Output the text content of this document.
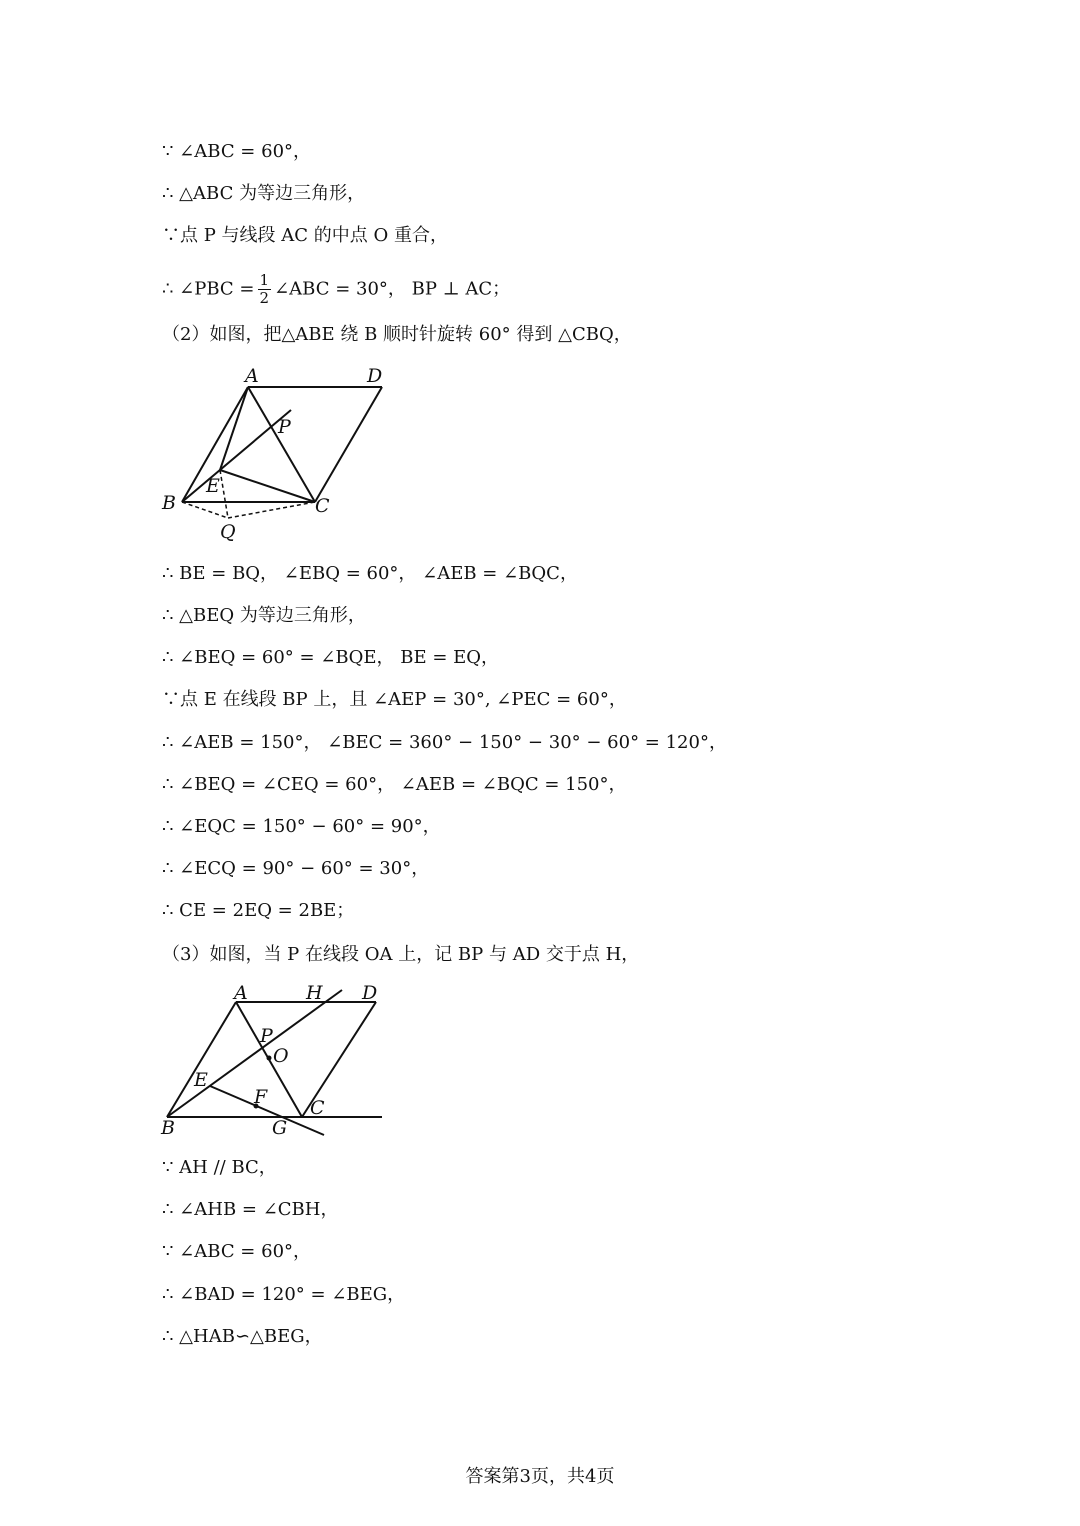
∵ ∠ABC = 60°，
∴ △ABC 为等边三角形，
∵点 P 与线段 AC 的中点 O 重合，
∴ ∠PBC = $\frac{1}{2}$ ∠ABC = 30°， BP ⊥ AC；
（2）如图，把△ABE 绕 B 顺时针旋转 60° 得到 △CBQ，
A	D
P
E
B	C
Q
∴ BE = BQ， ∠EBQ = 60°， ∠AEB = ∠BQC，
∴ △BEQ 为等边三角形，
∴ ∠BEQ = 60° = ∠BQE， BE = EQ，
∵点 E 在线段 BP 上，且 ∠AEP = 30°, ∠PEC = 60°，
∴ ∠AEB = 150°， ∠BEC = 360° − 150° − 30° − 60° = 120°，
∴ ∠BEQ = ∠CEQ = 60°， ∠AEB = ∠BQC = 150°，
∴ ∠EQC = 150° − 60° = 90°，
∴ ∠ECQ = 90° − 60° = 30°，
∴ CE = 2EQ = 2BE；
（3）如图，当 P 在线段 OA 上，记 BP 与 AD 交于点 H，
A	H D
P
O
E
F
B	G
C
∵ AH // BC，
∴ ∠AHB = ∠CBH，
∵ ∠ABC = 60°，
∴ ∠BAD = 120° = ∠BEG，
∴ △HAB∽△BEG，
答案第3页，共4页
